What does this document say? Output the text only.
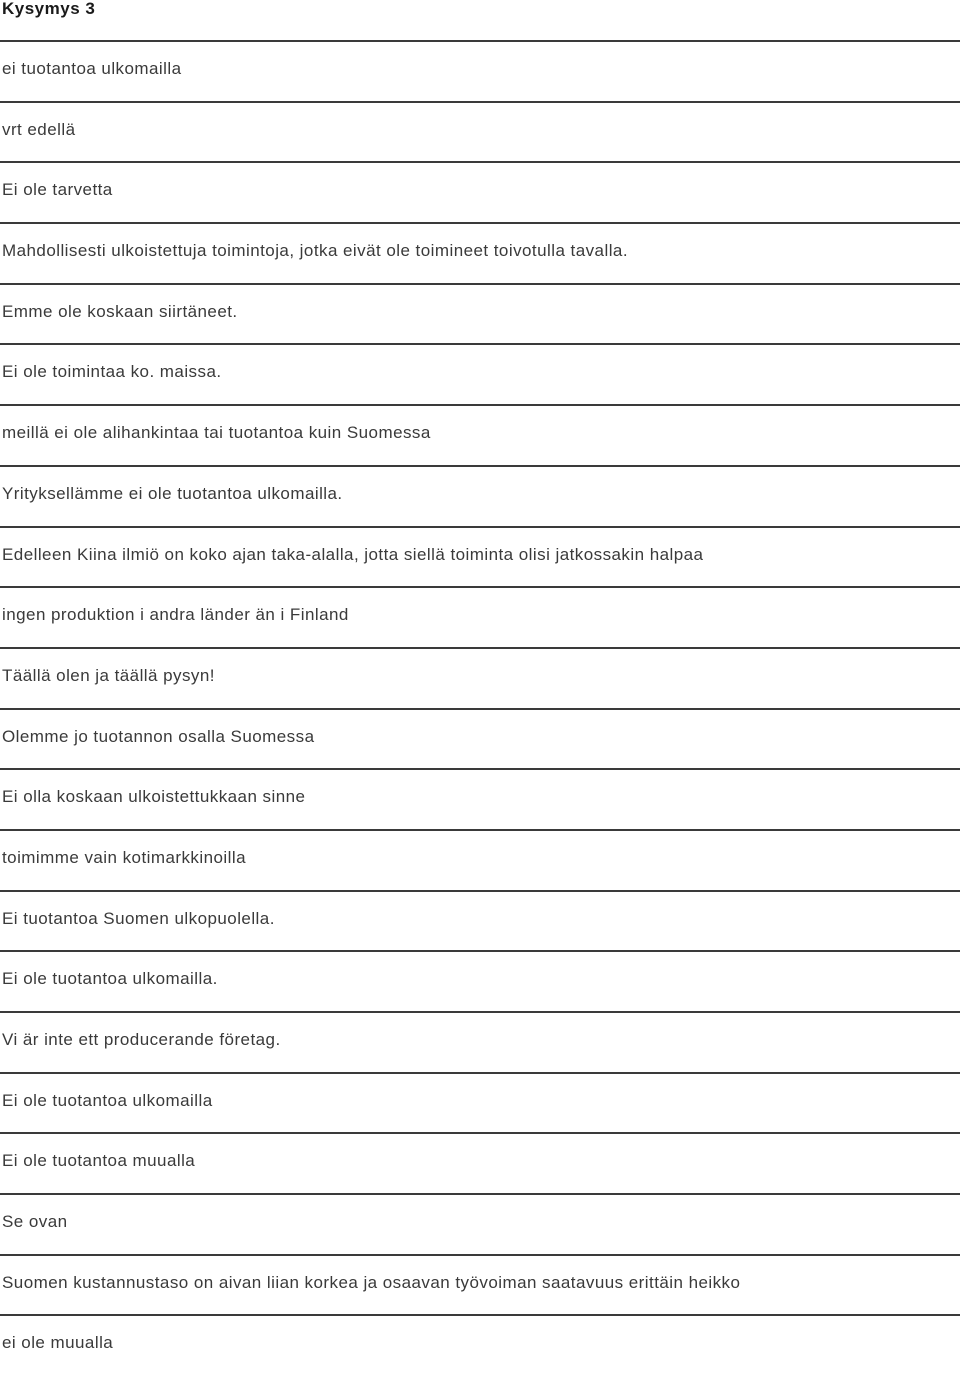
Kysymys 3
ei tuotantoa ulkomailla
vrt edellä
Ei ole tarvetta
Mahdollisesti ulkoistettuja toimintoja, jotka eivät ole toimineet toivotulla tavalla.
Emme ole koskaan siirtäneet.
Ei ole toimintaa ko. maissa.
meillä ei ole alihankintaa tai tuotantoa kuin Suomessa
Yrityksellämme ei ole tuotantoa ulkomailla.
Edelleen Kiina ilmiö on koko ajan taka-alalla, jotta siellä toiminta olisi jatkossakin halpaa
ingen produktion i andra länder än i Finland
Täällä olen ja täällä pysyn!
Olemme jo tuotannon osalla Suomessa
Ei olla koskaan ulkoistettukkaan sinne
toimimme vain kotimarkkinoilla
Ei tuotantoa Suomen ulkopuolella.
Ei ole tuotantoa ulkomailla.
Vi är inte ett producerande företag.
Ei ole tuotantoa ulkomailla
Ei ole tuotantoa muualla
Se ovan
Suomen kustannustaso on aivan liian korkea ja osaavan työvoiman saatavuus erittäin heikko
ei ole muualla
